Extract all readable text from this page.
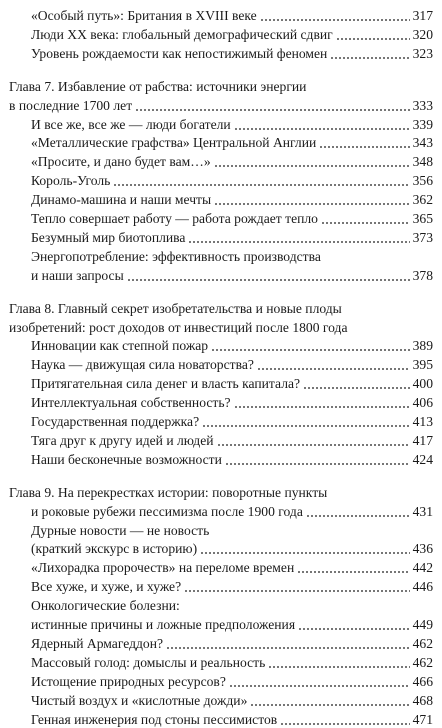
«Особый путь»: Британия в XVIII веке	317
Люди XX века: глобальный демографический сдвиг	320
Уровень рождаемости как непостижимый феномен	323
Глава 7. Избавление от рабства: источники энергии
в последние 1700 лет	333
И все же, все же — люди богатели	339
«Металлические графства» Центральной Англии	343
«Просите, и дано будет вам…»	348
Король-Уголь	356
Динамо-машина и наши мечты	362
Тепло совершает работу — работа рождает тепло	365
Безумный мир биотоплива	373
Энергопотребление: эффективность производства
и наши запросы	378
Глава 8. Главный секрет изобретательства и новые плоды
изобретений: рост доходов от инвестиций после 1800 года
Инновации как степной пожар	389
Наука — движущая сила новаторства?	395
Притягательная сила денег и власть капитала?	400
Интеллектуальная собственность?	406
Государственная поддержка?	413
Тяга друг к другу идей и людей	417
Наши бесконечные возможности	424
Глава 9. На перекрестках истории: поворотные пункты
и роковые рубежи пессимизма после 1900 года	431
Дурные новости — не новость
(краткий экскурс в историю)	436
«Лихорадка пророчеств» на переломе времен	442
Все хуже, и хуже, и хуже?	446
Онкологические болезни:
истинные причины и ложные предположения	449
Ядерный Армагеддон?	462
Массовый голод: домыслы и реальность	462
Истощение природных ресурсов?	466
Чистый воздух и «кислотные дожди»	468
Генная инженерия под стоны пессимистов	471
